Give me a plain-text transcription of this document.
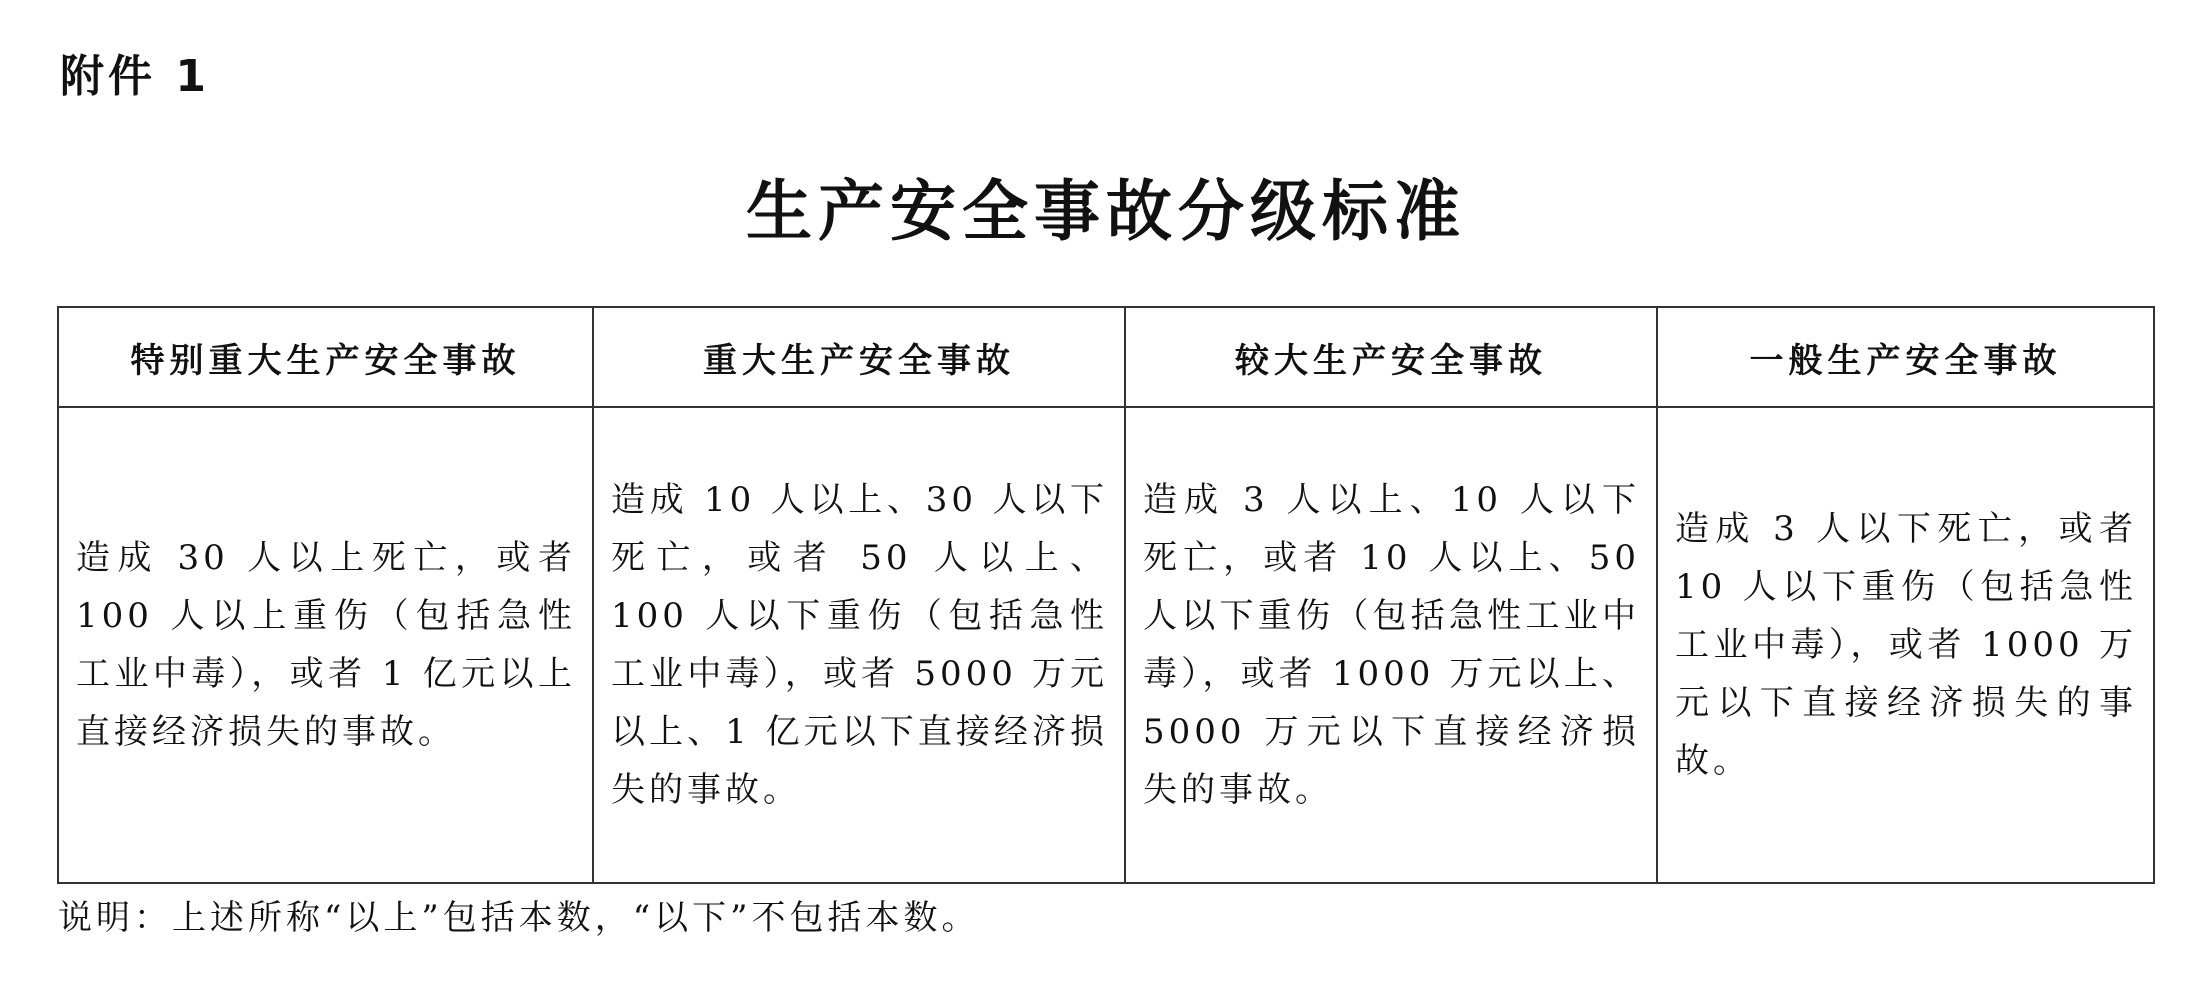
附件 1
生产安全事故分级标准
特别重大生产安全事故	重大生产安全事故	较大生产安全事故	一般生产安全事故

造成 30 人以上死亡，或者 100 人以上重伤（包括急性工业中毒），或者 1 亿元以上直接经济损失的事故。	造成 10 人以上、30 人以下死亡，或者 50 人以上、100 人以下重伤（包括急性工业中毒），或者 5000 万元以上、1 亿元以下直接经济损失的事故。	造成 3 人以上、10 人以下死亡，或者 10 人以上、50 人以下重伤（包括急性工业中毒），或者 1000 万元以上、5000 万元以下直接经济损失的事故。	造成 3 人以下死亡，或者 10 人以下重伤（包括急性工业中毒），或者 1000 万元以下直接经济损失的事故。
说明：上述所称“以上”包括本数，“以下”不包括本数。
